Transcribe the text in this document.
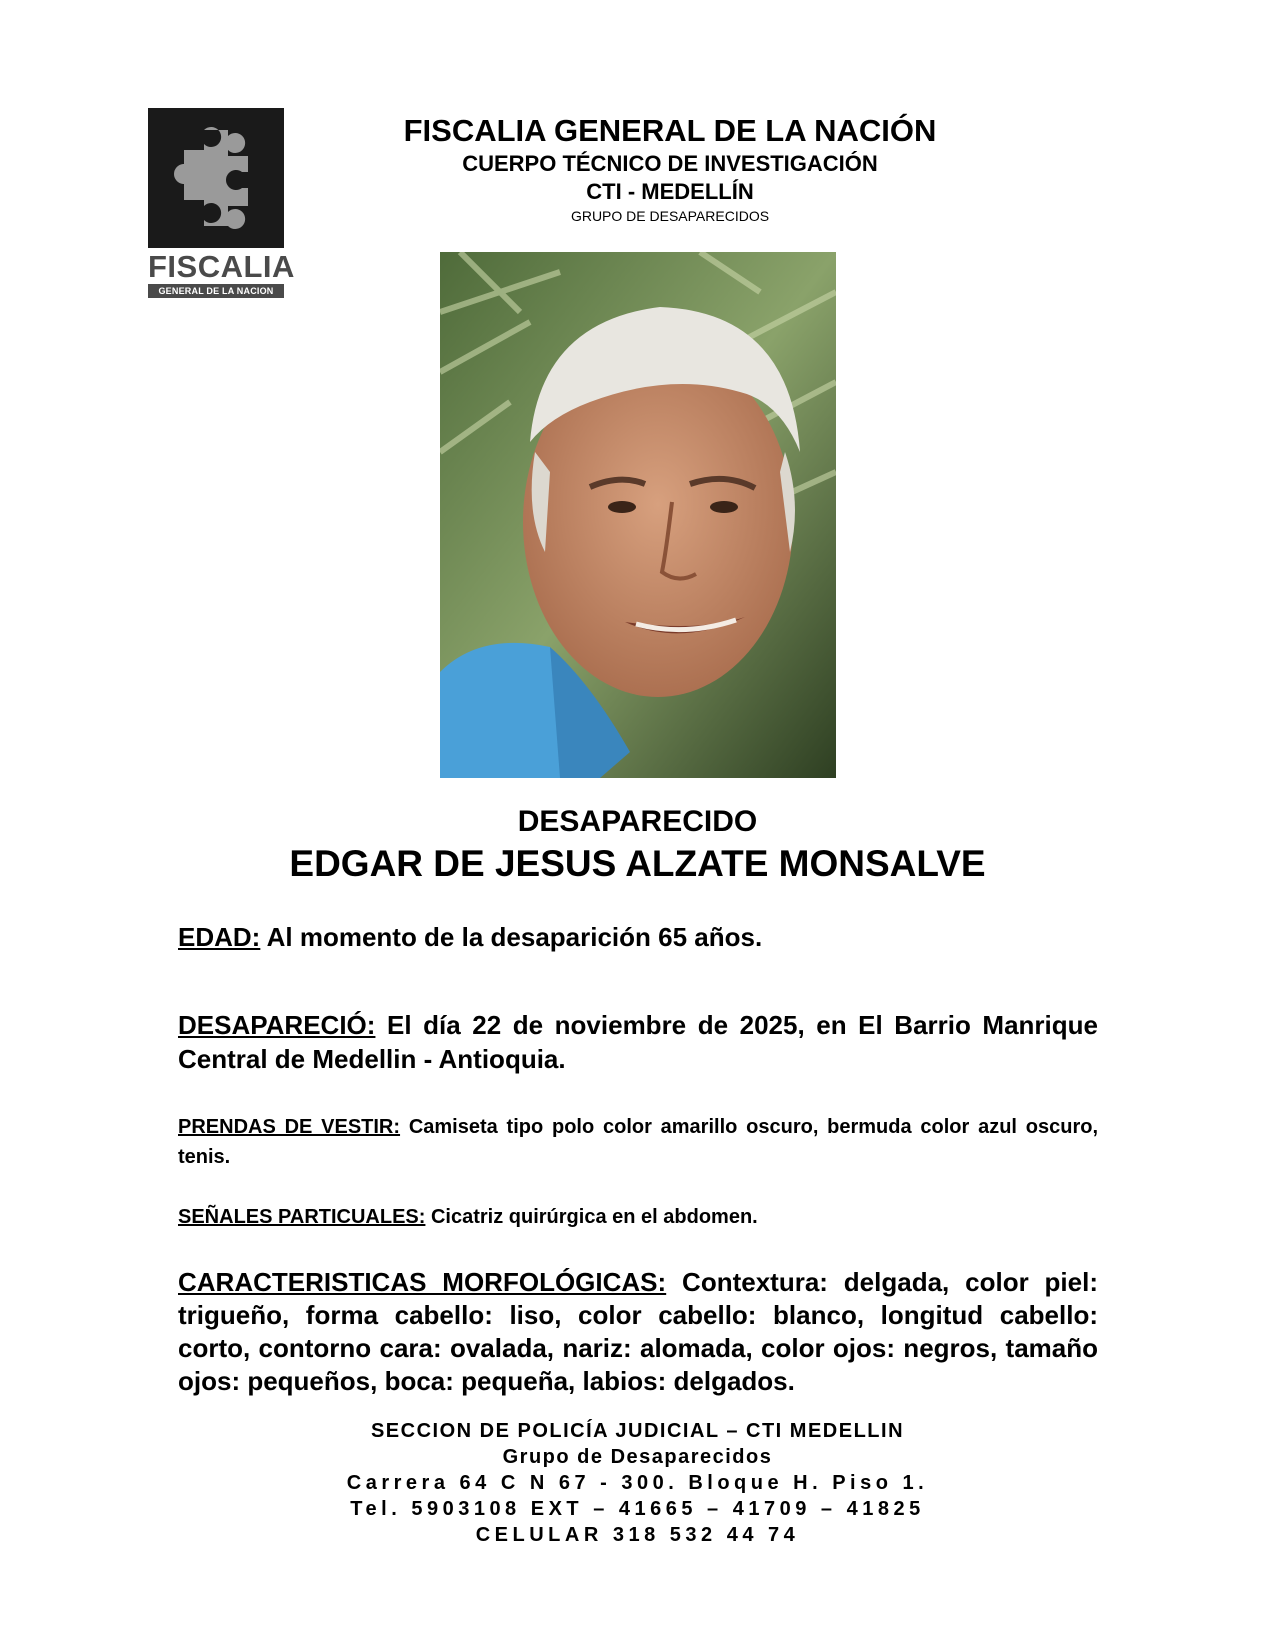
FISCALIA
GENERAL DE LA NACION
FISCALIA GENERAL DE LA NACIÓN
CUERPO TÉCNICO DE INVESTIGACIÓN
CTI - MEDELLÍN
GRUPO DE DESAPARECIDOS
DESAPARECIDO
EDGAR DE JESUS ALZATE MONSALVE
EDAD: Al momento de la desaparición 65 años.
DESAPARECIÓ: El día 22 de noviembre de 2025, en El Barrio Manrique Central de Medellin - Antioquia.
PRENDAS DE VESTIR: Camiseta tipo polo color amarillo oscuro, bermuda color azul oscuro, tenis.
SEÑALES PARTICUALES: Cicatriz quirúrgica en el abdomen.
CARACTERISTICAS MORFOLÓGICAS: Contextura: delgada, color piel: trigueño, forma cabello: liso, color cabello: blanco, longitud cabello: corto, contorno cara: ovalada, nariz: alomada, color ojos: negros, tamaño ojos: pequeños, boca: pequeña, labios: delgados.
SECCION DE POLICÍA JUDICIAL – CTI MEDELLIN
Grupo de Desaparecidos
Carrera 64 C N 67 - 300. Bloque H. Piso 1.
Tel. 5903108 EXT – 41665 – 41709 – 41825
CELULAR 318 532 44 74
